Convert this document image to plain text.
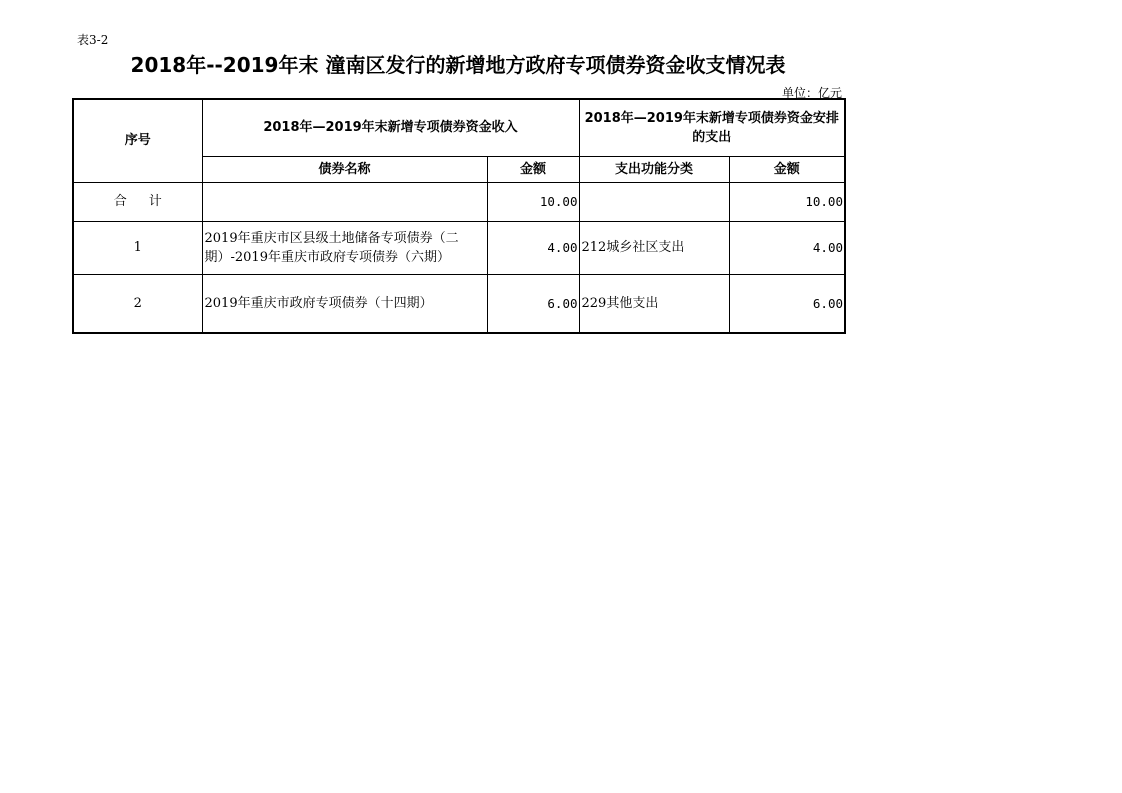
表3-2
2018年--2019年末 潼南区发行的新增地方政府专项债券资金收支情况表
单位：亿元
序号	2018年—2019年末新增专项债券资金收入		2018年—2019年末新增专项债券资金安排的支出	
	债券名称	金额	支出功能分类	金额
合计		10.00		10.00
1	2019年重庆市区县级土地储备专项债券（二期）-2019年重庆市政府专项债券（六期）	4.00	212城乡社区支出	4.00
2	2019年重庆市政府专项债券（十四期）	6.00	229其他支出	6.00
